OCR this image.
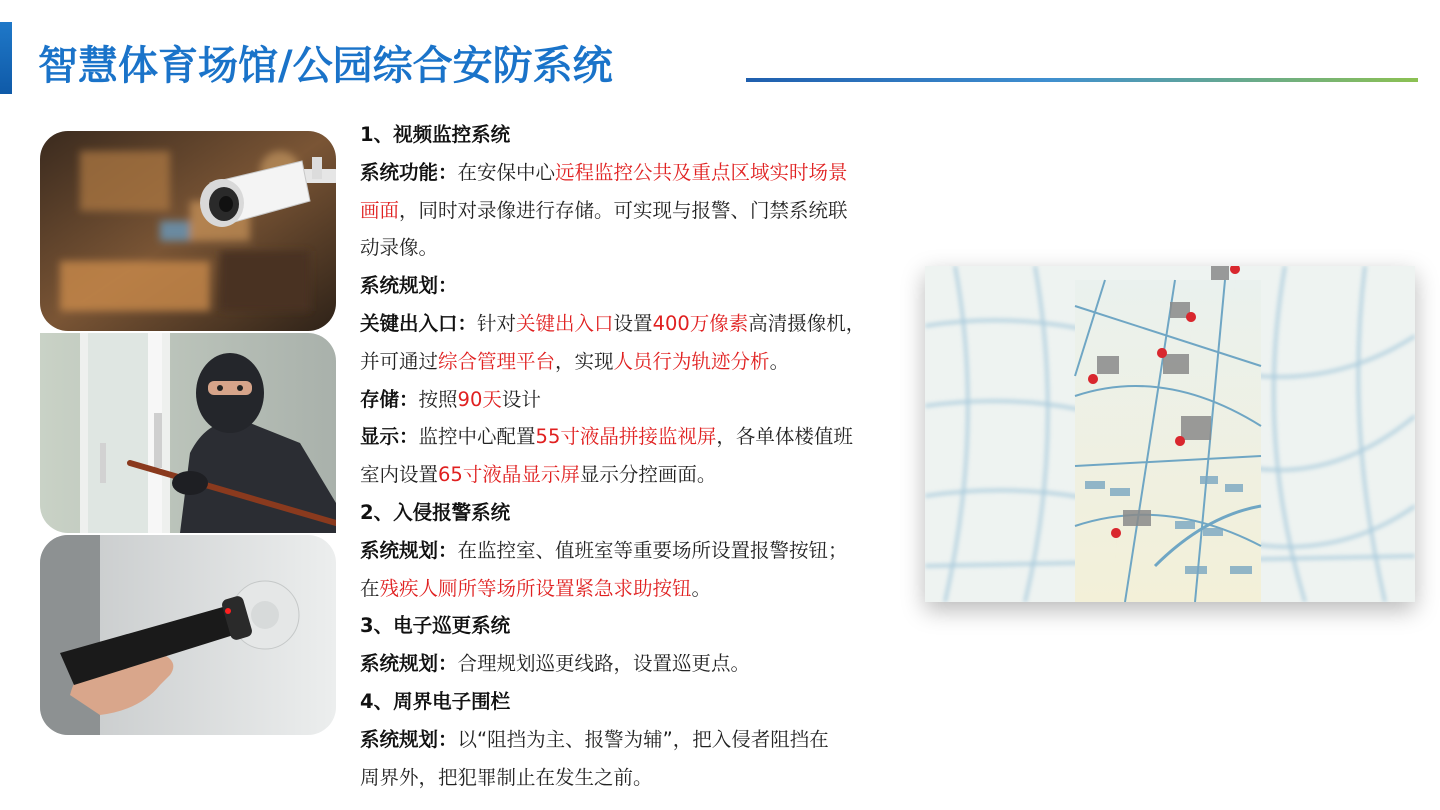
智慧体育场馆/公园综合安防系统

1、视频监控系统

系统功能：在安保中心远程监控公共及重点区域实时场景

画面，同时对录像进行存储。可实现与报警、门禁系统联

动录像。

系统规划：

关键出入口：针对关键出入口设置400万像素高清摄像机，

并可通过综合管理平台，实现人员行为轨迹分析。

存储：按照90天设计

显示：监控中心配置55寸液晶拼接监视屏，各单体楼值班

室内设置65寸液晶显示屏显示分控画面。

2、入侵报警系统

系统规划：在监控室、值班室等重要场所设置报警按钮；

在残疾人厕所等场所设置紧急求助按钮。

3、电子巡更系统

系统规划：合理规划巡更线路，设置巡更点。

4、周界电子围栏

系统规划：以“阻挡为主、报警为辅”，把入侵者阻挡在

周界外，把犯罪制止在发生之前。
